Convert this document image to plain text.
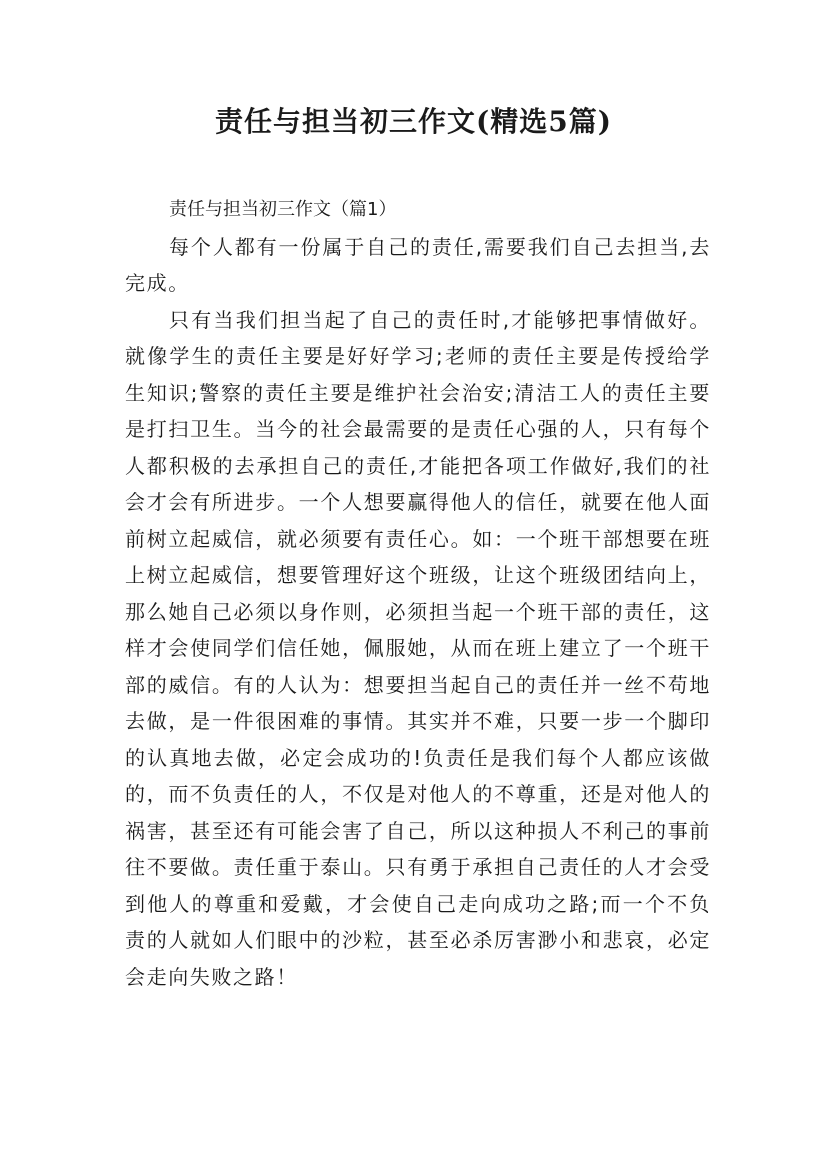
责任与担当初三作文(精选5篇)

责任与担当初三作文（篇1）

每个人都有一份属于自己的责任,需要我们自己去担当,去完成。

只有当我们担当起了自己的责任时,才能够把事情做好。就像学生的责任主要是好好学习;老师的责任主要是传授给学生知识;警察的责任主要是维护社会治安;清洁工人的责任主要是打扫卫生。当今的社会最需要的是责任心强的人，只有每个人都积极的去承担自己的责任,才能把各项工作做好,我们的社会才会有所进步。一个人想要赢得他人的信任，就要在他人面前树立起威信，就必须要有责任心。如：一个班干部想要在班上树立起威信，想要管理好这个班级，让这个班级团结向上，那么她自己必须以身作则，必须担当起一个班干部的责任，这样才会使同学们信任她，佩服她，从而在班上建立了一个班干部的威信。有的人认为：想要担当起自己的责任并一丝不苟地去做，是一件很困难的事情。其实并不难，只要一步一个脚印的认真地去做，必定会成功的!负责任是我们每个人都应该做的，而不负责任的人，不仅是对他人的不尊重，还是对他人的祸害，甚至还有可能会害了自己，所以这种损人不利己的事前往不要做。责任重于泰山。只有勇于承担自己责任的人才会受到他人的尊重和爱戴，才会使自己走向成功之路;而一个不负责的人就如人们眼中的沙粒，甚至必杀厉害渺小和悲哀，必定会走向失败之路！
